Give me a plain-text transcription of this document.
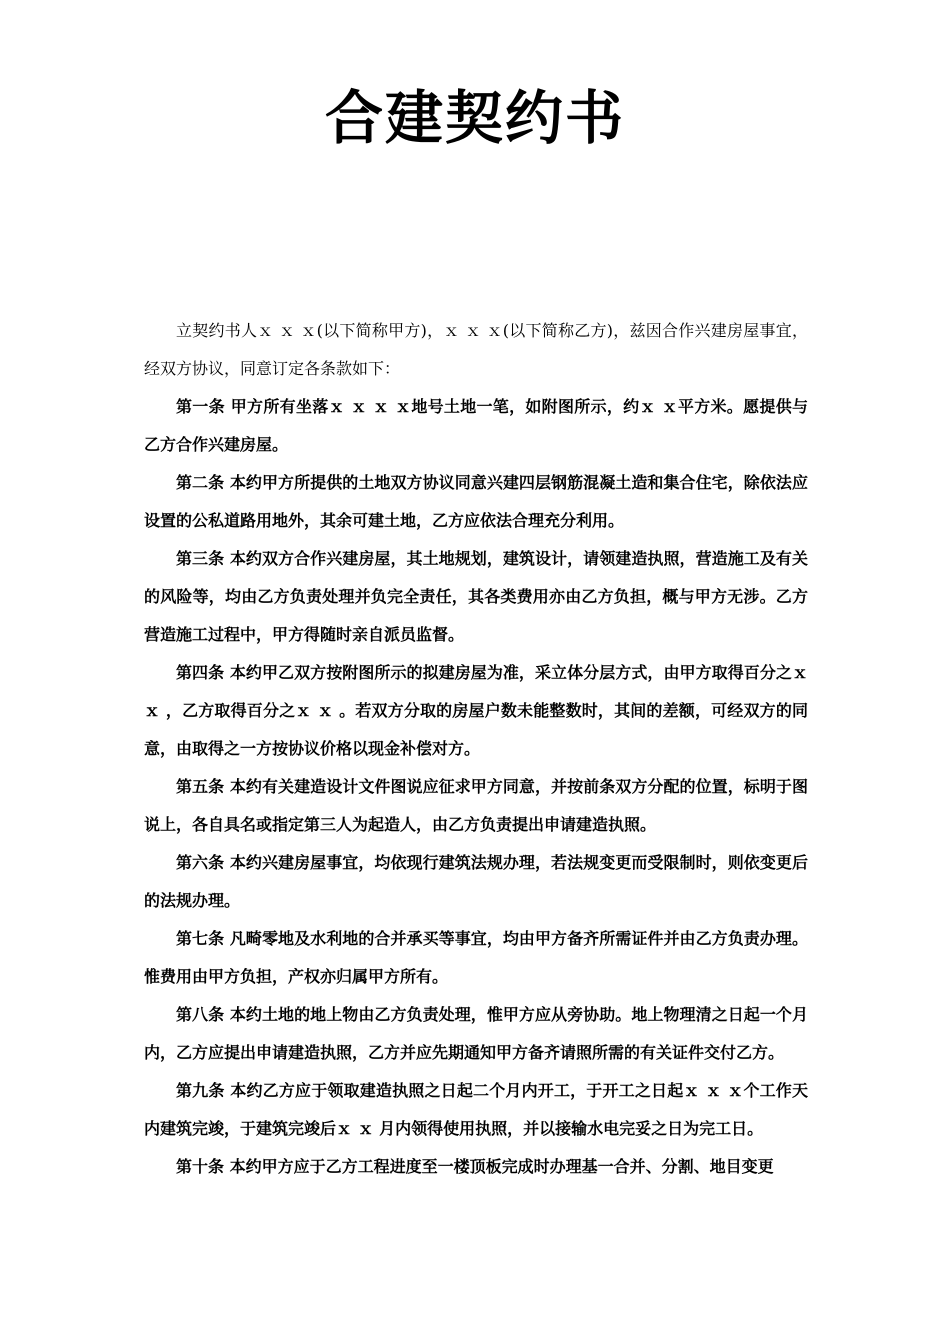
合建契约书

立契约书人ｘ ｘ ｘ(以下简称甲方)，ｘ ｘ ｘ(以下简称乙方)，兹因合作兴建房屋事宜，经双方协议，同意订定各条款如下：

第一条 甲方所有坐落ｘ ｘ ｘ ｘ地号土地一笔，如附图所示，约ｘ ｘ平方米。愿提供与乙方合作兴建房屋。

第二条 本约甲方所提供的土地双方协议同意兴建四层钢筋混凝土造和集合住宅，除依法应设置的公私道路用地外，其余可建土地，乙方应依法合理充分利用。

第三条 本约双方合作兴建房屋，其土地规划，建筑设计，请领建造执照，营造施工及有关的风险等，均由乙方负责处理并负完全责任，其各类费用亦由乙方负担，概与甲方无涉。乙方营造施工过程中，甲方得随时亲自派员监督。

第四条 本约甲乙双方按附图所示的拟建房屋为准，采立体分层方式，由甲方取得百分之ｘ ｘ ，乙方取得百分之ｘ ｘ 。若双方分取的房屋户数未能整数时，其间的差额，可经双方的同意，由取得之一方按协议价格以现金补偿对方。

第五条 本约有关建造设计文件图说应征求甲方同意，并按前条双方分配的位置，标明于图说上，各自具名或指定第三人为起造人，由乙方负责提出申请建造执照。

第六条 本约兴建房屋事宜，均依现行建筑法规办理，若法规变更而受限制时，则依变更后的法规办理。

第七条 凡畸零地及水利地的合并承买等事宜，均由甲方备齐所需证件并由乙方负责办理。惟费用由甲方负担，产权亦归属甲方所有。

第八条 本约土地的地上物由乙方负责处理，惟甲方应从旁协助。地上物理清之日起一个月内，乙方应提出申请建造执照，乙方并应先期通知甲方备齐请照所需的有关证件交付乙方。

第九条 本约乙方应于领取建造执照之日起二个月内开工，于开工之日起ｘ ｘ ｘ个工作天内建筑完竣，于建筑完竣后ｘ ｘ 月内领得使用执照，并以接输水电完妥之日为完工日。

第十条 本约甲方应于乙方工程进度至一楼顶板完成时办理基一合并、分割、地目变更
